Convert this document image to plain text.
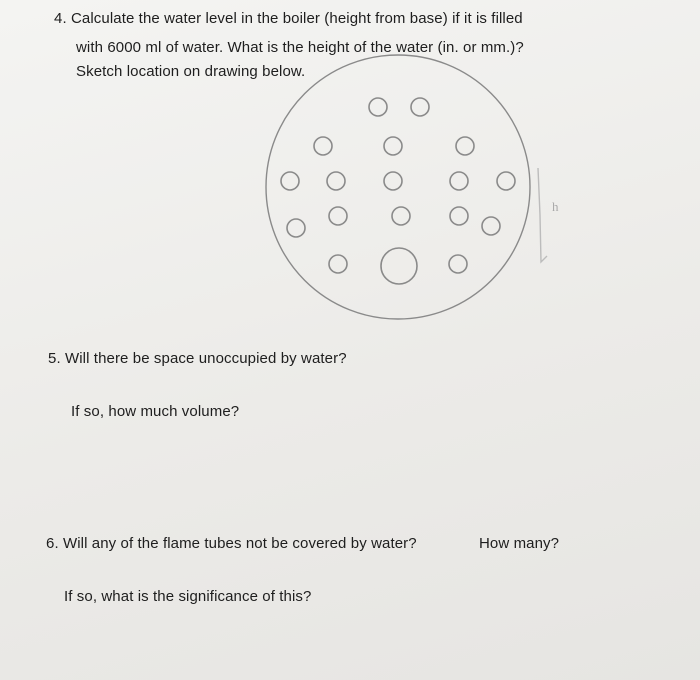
4. Calculate the water level in the boiler (height from base) if it is filled
with 6000 ml of water. What is the height of the water (in. or mm.)?
Sketch location on drawing below.
h
5. Will there be space unoccupied by water?
If so, how much volume?
6. Will any of the flame tubes not be covered by water?	How many?
If so, what is the significance of this?
